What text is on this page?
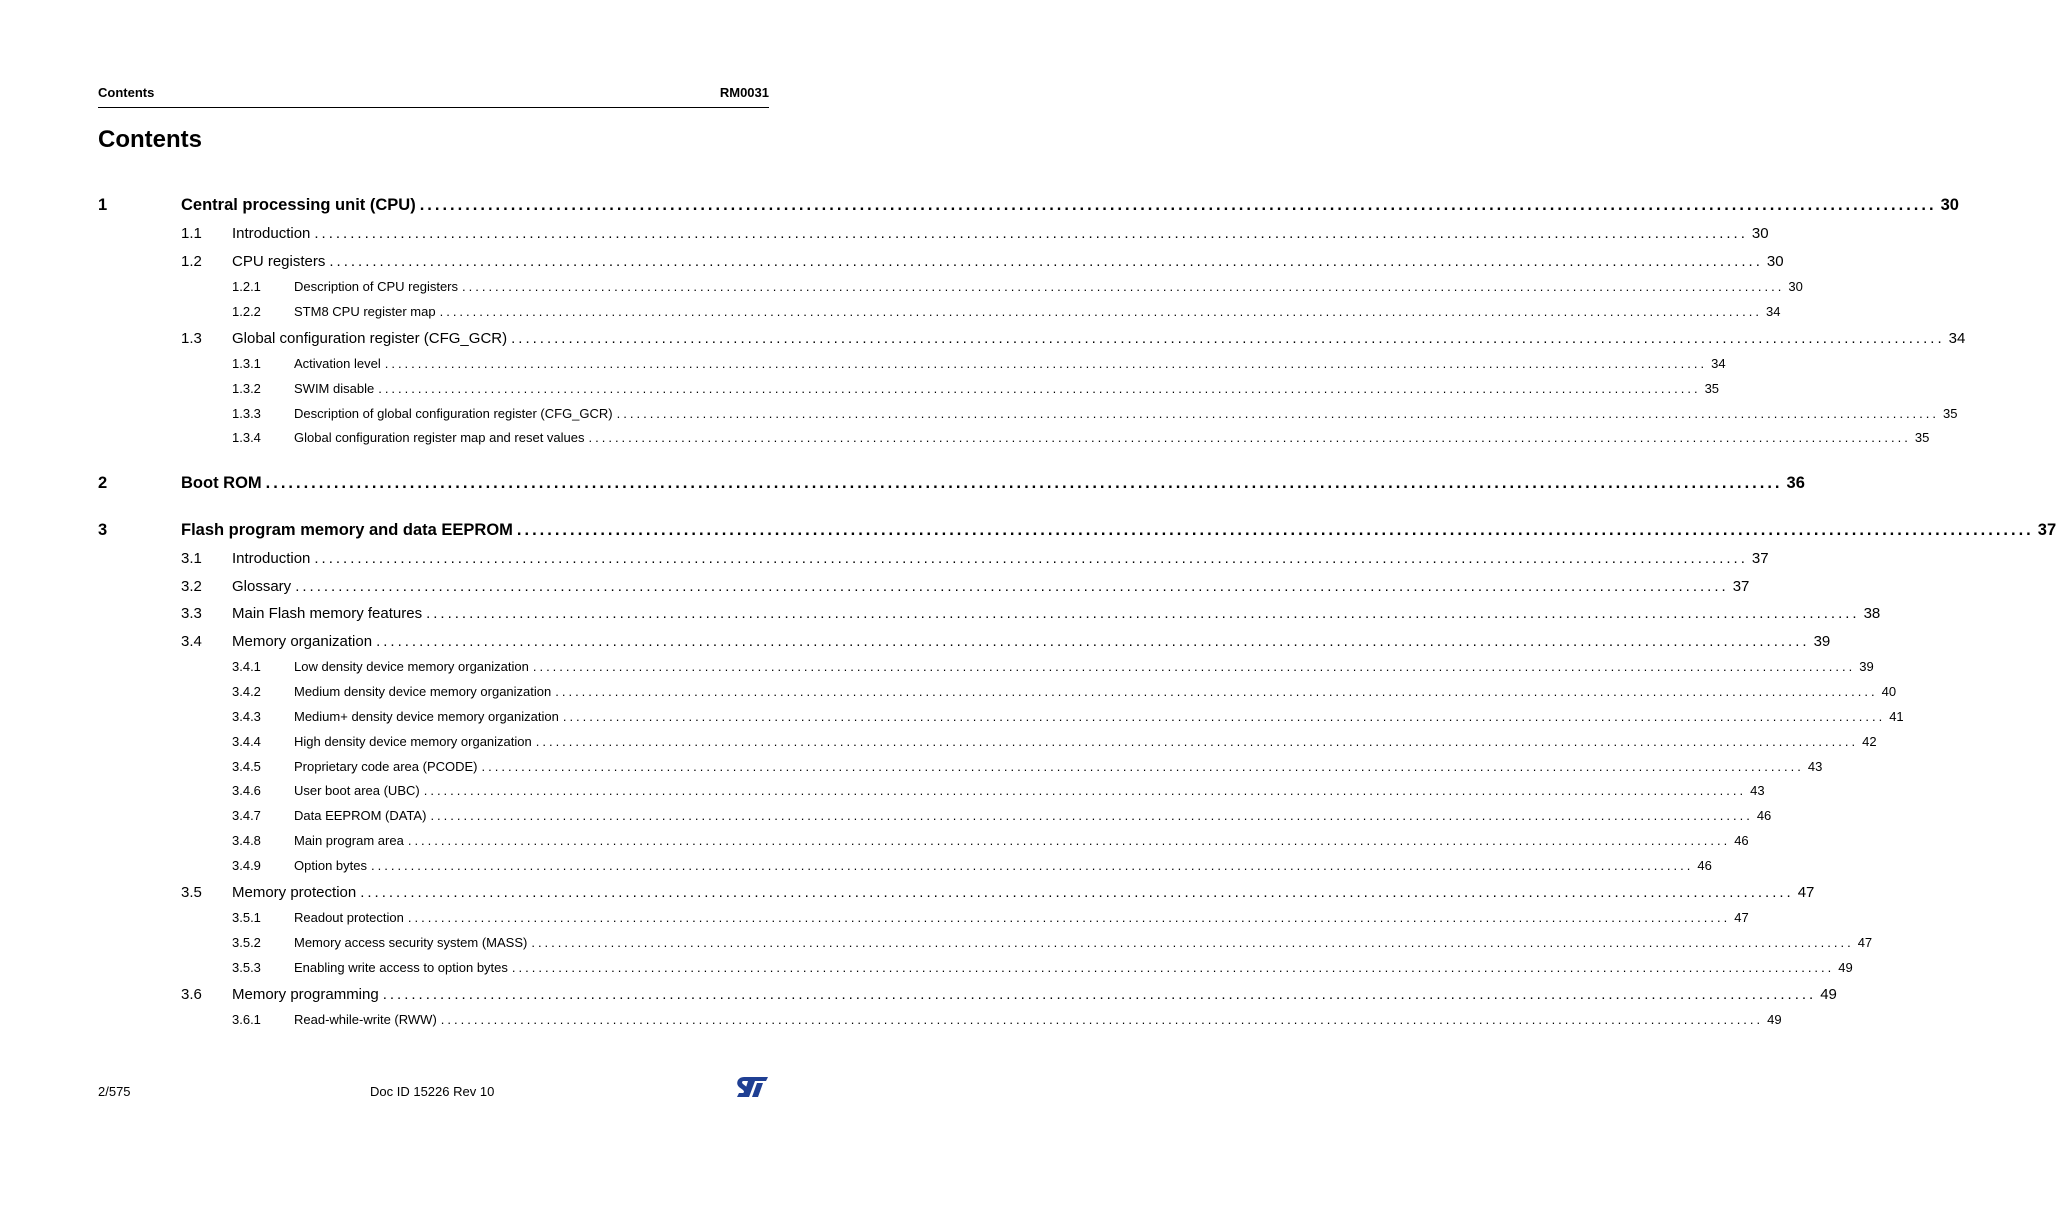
Contents	RM0031
Contents
1	Central processing unit (CPU) ........................................................................................................................................................................................................ 30
1.1	Introduction ........................................................................................................................................................................................................ 30
1.2	CPU registers ........................................................................................................................................................................................................ 30
1.2.1	Description of CPU registers ........................................................................................................................................................................................................ 30
1.2.2	STM8 CPU register map ........................................................................................................................................................................................................ 34
1.3	Global configuration register (CFG_GCR) ........................................................................................................................................................................................................ 34
1.3.1	Activation level ........................................................................................................................................................................................................ 34
1.3.2	SWIM disable ........................................................................................................................................................................................................ 35
1.3.3	Description of global configuration register (CFG_GCR) ........................................................................................................................................................................................................ 35
1.3.4	Global configuration register map and reset values ........................................................................................................................................................................................................ 35
2	Boot ROM ........................................................................................................................................................................................................ 36
3	Flash program memory and data EEPROM ........................................................................................................................................................................................................ 37
3.1	Introduction ........................................................................................................................................................................................................ 37
3.2	Glossary ........................................................................................................................................................................................................ 37
3.3	Main Flash memory features ........................................................................................................................................................................................................ 38
3.4	Memory organization ........................................................................................................................................................................................................ 39
3.4.1	Low density device memory organization ........................................................................................................................................................................................................ 39
3.4.2	Medium density device memory organization ........................................................................................................................................................................................................ 40
3.4.3	Medium+ density device memory organization ........................................................................................................................................................................................................ 41
3.4.4	High density device memory organization ........................................................................................................................................................................................................ 42
3.4.5	Proprietary code area (PCODE) ........................................................................................................................................................................................................ 43
3.4.6	User boot area (UBC) ........................................................................................................................................................................................................ 43
3.4.7	Data EEPROM (DATA) ........................................................................................................................................................................................................ 46
3.4.8	Main program area ........................................................................................................................................................................................................ 46
3.4.9	Option bytes ........................................................................................................................................................................................................ 46
3.5	Memory protection ........................................................................................................................................................................................................ 47
3.5.1	Readout protection ........................................................................................................................................................................................................ 47
3.5.2	Memory access security system (MASS) ........................................................................................................................................................................................................ 47
3.5.3	Enabling write access to option bytes ........................................................................................................................................................................................................ 49
3.6	Memory programming ........................................................................................................................................................................................................ 49
3.6.1	Read-while-write (RWW) ........................................................................................................................................................................................................ 49
2/575	Doc ID 15226 Rev 10
